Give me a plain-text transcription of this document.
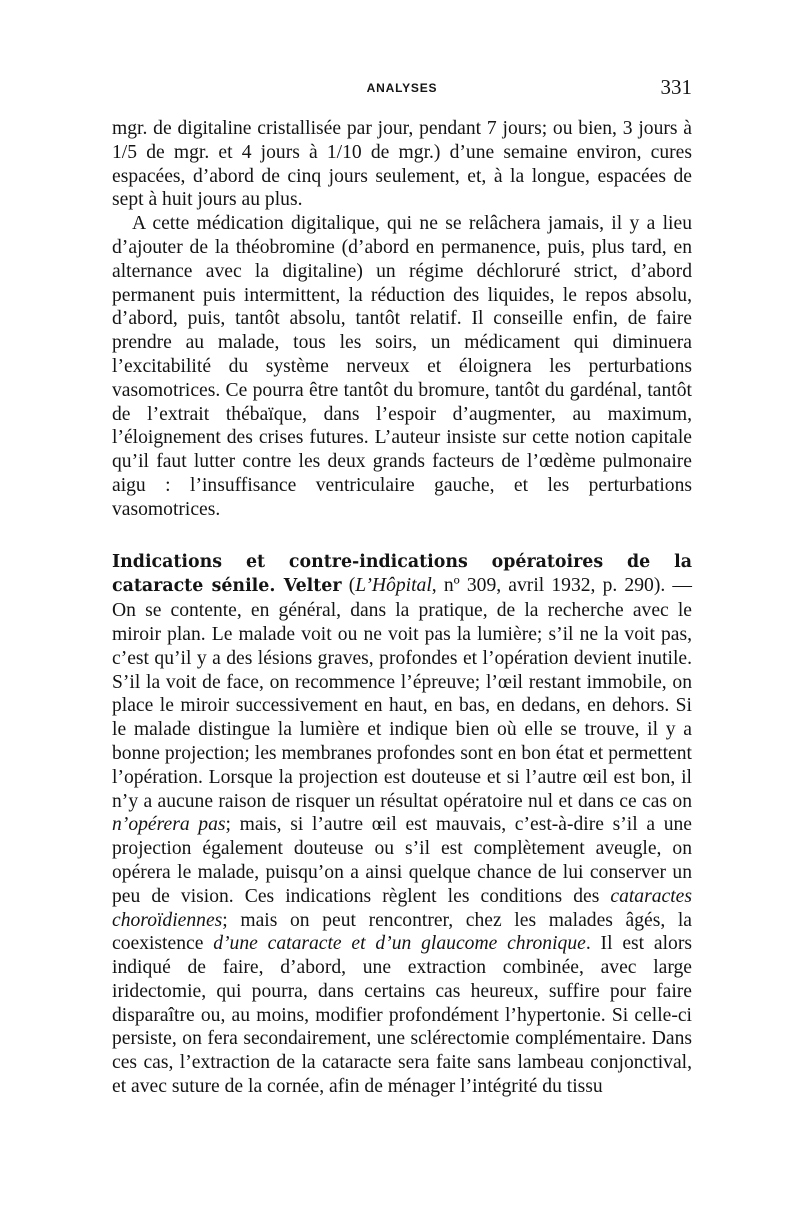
ANALYSES	331

mgr. de digitaline cristallisée par jour, pendant 7 jours; ou bien, 3 jours à 1/5 de mgr. et 4 jours à 1/10 de mgr.) d’une semaine environ, cures espacées, d’abord de cinq jours seulement, et, à la longue, espacées de sept à huit jours au plus.

A cette médication digitalique, qui ne se relâchera jamais, il y a lieu d’ajouter de la théobromine (d’abord en permanence, puis, plus tard, en alternance avec la digitaline) un régime déchloruré strict, d’abord permanent puis intermittent, la réduction des liquides, le repos absolu, d’abord, puis, tantôt absolu, tantôt relatif. Il conseille enfin, de faire prendre au malade, tous les soirs, un médicament qui diminuera l’excitabilité du système nerveux et éloignera les perturbations vasomotrices. Ce pourra être tantôt du bromure, tantôt du gardénal, tantôt de l’extrait thébaïque, dans l’espoir d’augmenter, au maximum, l’éloignement des crises futures. L’auteur insiste sur cette notion capitale qu’il faut lutter contre les deux grands facteurs de l’œdème pulmonaire aigu : l’insuffisance ventriculaire gauche, et les perturbations vasomotrices.

Indications et contre-indications opératoires de la cataracte sénile. Velter (L’Hôpital, nº 309, avril 1932, p. 290). — On se contente, en général, dans la pratique, de la recherche avec le miroir plan. Le malade voit ou ne voit pas la lumière; s’il ne la voit pas, c’est qu’il y a des lésions graves, profondes et l’opération devient inutile. S’il la voit de face, on recommence l’épreuve; l’œil restant immobile, on place le miroir successivement en haut, en bas, en dedans, en dehors. Si le malade distingue la lumière et indique bien où elle se trouve, il y a bonne projection; les membranes profondes sont en bon état et permettent l’opération. Lorsque la projection est douteuse et si l’autre œil est bon, il n’y a aucune raison de risquer un résultat opératoire nul et dans ce cas on n’opérera pas; mais, si l’autre œil est mauvais, c’est-à-dire s’il a une projection également douteuse ou s’il est complètement aveugle, on opérera le malade, puisqu’on a ainsi quelque chance de lui conserver un peu de vision. Ces indications règlent les conditions des cataractes choroïdiennes; mais on peut rencontrer, chez les malades âgés, la coexistence d’une cataracte et d’un glaucome chronique. Il est alors indiqué de faire, d’abord, une extraction combinée, avec large iridectomie, qui pourra, dans certains cas heureux, suffire pour faire disparaître ou, au moins, modifier profondément l’hypertonie. Si celle-ci persiste, on fera secondairement, une sclérectomie complémentaire. Dans ces cas, l’extraction de la cataracte sera faite sans lambeau conjonctival, et avec suture de la cornée, afin de ménager l’intégrité du tissu
